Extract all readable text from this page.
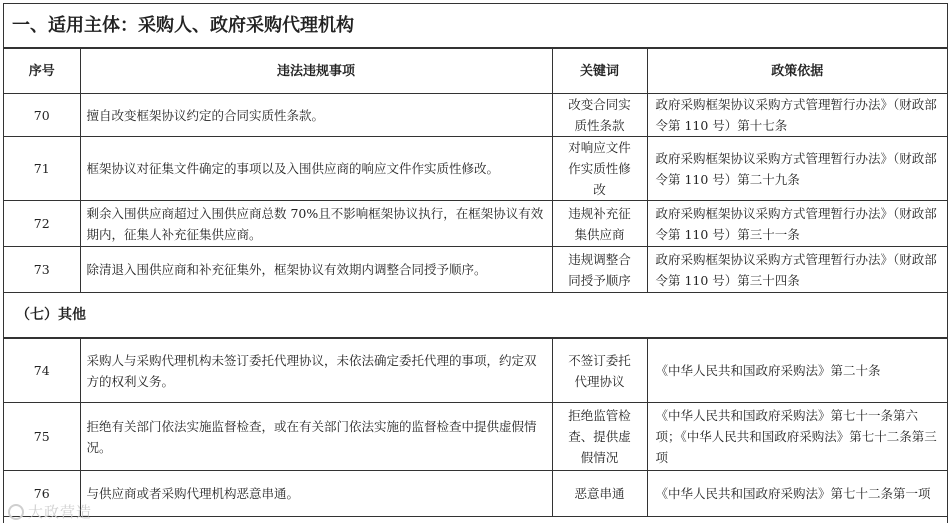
一、适用主体：采购人、政府采购代理机构
序号	违法违规事项	关键词	政策依据
70	擅自改变框架协议约定的合同实质性条款。	改变合同实质性条款	政府采购框架协议采购方式管理暂行办法》（财政部令第 110 号）第十七条
71	框架协议对征集文件确定的事项以及入围供应商的响应文件作实质性修改。	对响应文件作实质性修改	政府采购框架协议采购方式管理暂行办法》（财政部令第 110 号）第二十九条
72	剩余入围供应商超过入围供应商总数 70%且不影响框架协议执行，在框架协议有效期内，征集人补充征集供应商。	违规补充征集供应商	政府采购框架协议采购方式管理暂行办法》（财政部令第 110 号）第三十一条
73	除清退入围供应商和补充征集外，框架协议有效期内调整合同授予顺序。	违规调整合同授予顺序	政府采购框架协议采购方式管理暂行办法》（财政部令第 110 号）第三十四条
（七）其他
74	采购人与采购代理机构未签订委托代理协议，未依法确定委托代理的事项，约定双方的权利义务。	不签订委托代理协议	《中华人民共和国政府采购法》第二十条
75	拒绝有关部门依法实施监督检查，或在有关部门依法实施的监督检查中提供虚假情况。	拒绝监管检查、提供虚假情况	《中华人民共和国政府采购法》第七十一条第六项；《中华人民共和国政府采购法》第七十二条第三项
76	与供应商或者采购代理机构恶意串通。	恶意串通	《中华人民共和国政府采购法》第七十二条第一项
大政营造
